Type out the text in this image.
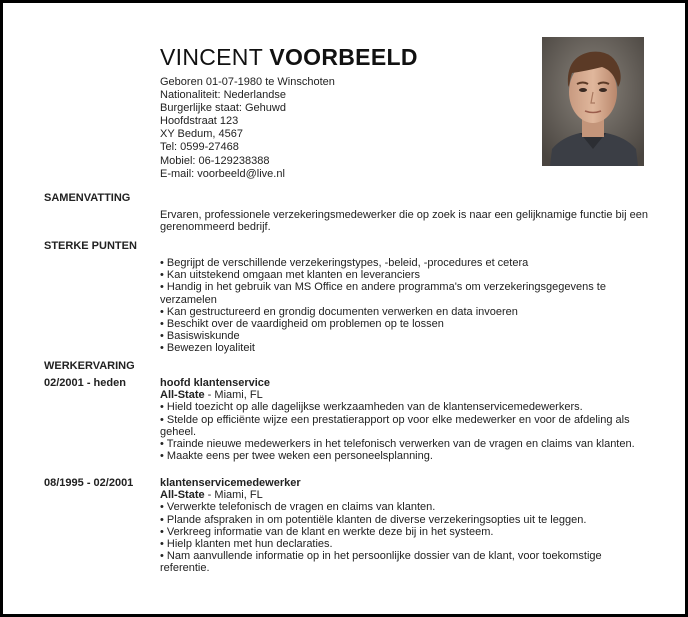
VINCENT VOORBEELD
Geboren 01-07-1980 te Winschoten
Nationaliteit: Nederlandse
Burgerlijke staat: Gehuwd
Hoofdstraat 123
XY Bedum, 4567
Tel: 0599-27468
Mobiel: 06-129238388
E-mail: voorbeeld@live.nl
SAMENVATTING
Ervaren, professionele verzekeringsmedewerker die op zoek is naar een gelijknamige functie bij een gerenommeerd bedrijf.
STERKE PUNTEN
• Begrijpt de verschillende verzekeringstypes, -beleid, -procedures et cetera
• Kan uitstekend omgaan met klanten en leveranciers
• Handig in het gebruik van MS Office en andere programma's om verzekeringsgegevens te verzamelen
• Kan gestructureerd en grondig documenten verwerken en data invoeren
• Beschikt over de vaardigheid om problemen op te lossen
• Basiswiskunde
• Bewezen loyaliteit
WERKERVARING
02/2001 - heden	hoofd klantenservice
All-State - Miami, FL
• Hield toezicht op alle dagelijkse werkzaamheden van de klantenservicemedewerkers.
• Stelde op efficiënte wijze een prestatierapport op voor elke medewerker en voor de afdeling als geheel.
• Trainde nieuwe medewerkers in het telefonisch verwerken van de vragen en claims van klanten.
• Maakte eens per twee weken een personeelsplanning.
08/1995 - 02/2001 klantenservicemedewerker
All-State - Miami, FL
• Verwerkte telefonisch de vragen en claims van klanten.
• Plande afspraken in om potentiële klanten de diverse verzekeringsopties uit te leggen.
• Verkreeg informatie van de klant en werkte deze bij in het systeem.
• Hielp klanten met hun declaraties.
• Nam aanvullende informatie op in het persoonlijke dossier van de klant, voor toekomstige referentie.
